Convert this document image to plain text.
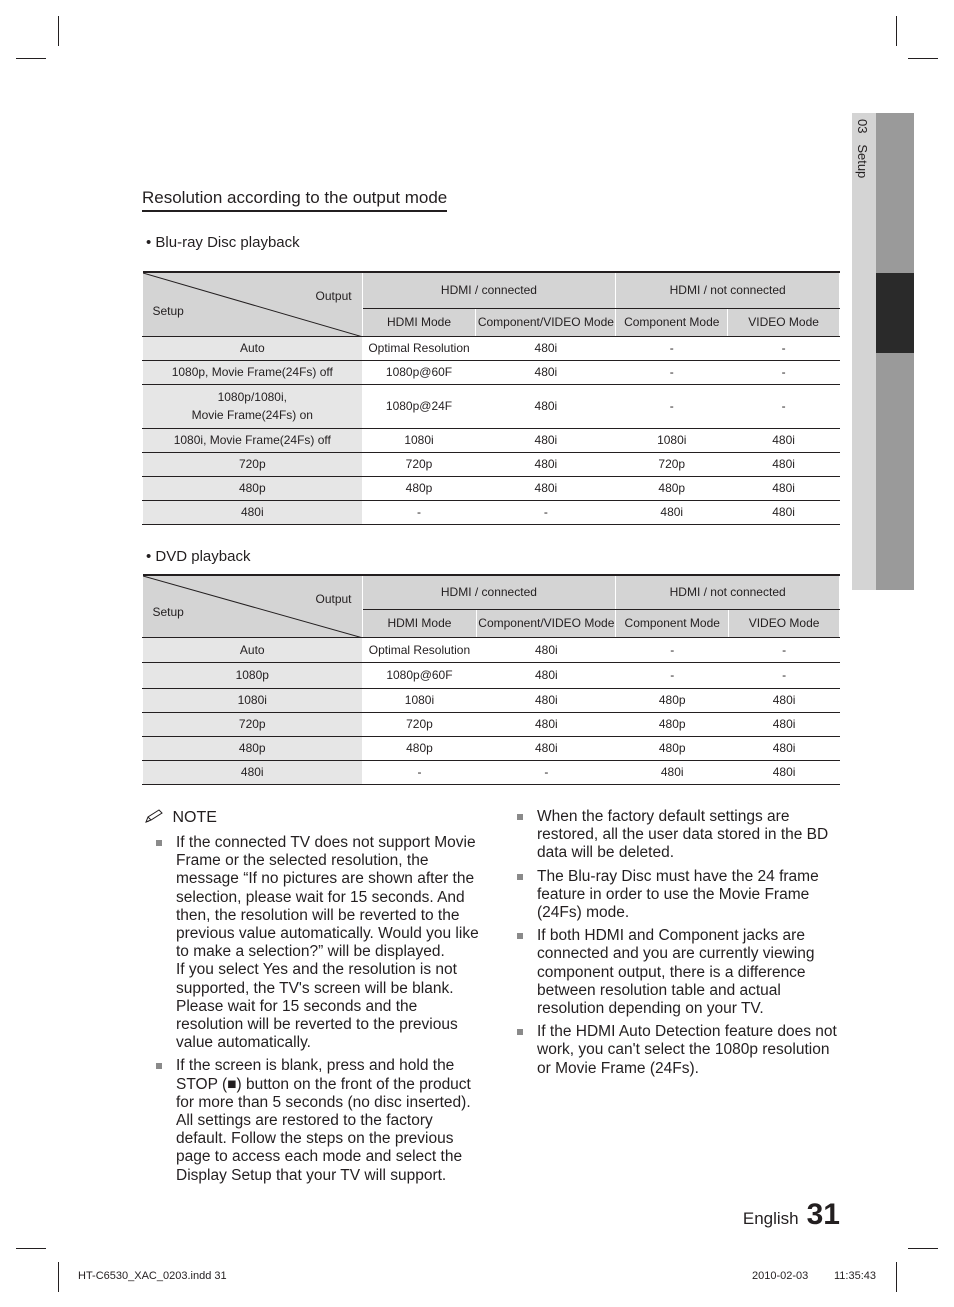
03   Setup
Resolution according to the output mode
• Blu-ray Disc playback
Output
Setup	HDMI / connected		HDMI / not connected	
	HDMI Mode	Component/VIDEO Mode	Component Mode	VIDEO Mode
Auto	Optimal Resolution	480i	-	-
1080p, Movie Frame(24Fs) off	1080p@60F	480i	-	-
1080p/1080i,
Movie Frame(24Fs) on	1080p@24F	480i	-	-
1080i, Movie Frame(24Fs) off	1080i	480i	1080i	480i
720p	720p	480i	720p	480i
480p	480p	480i	480p	480i
480i	-	-	480i	480i
• DVD playback
Output
Setup	HDMI / connected		HDMI / not connected	
	HDMI Mode	Component/VIDEO Mode	Component Mode	VIDEO Mode
Auto	Optimal Resolution	480i	-	-
1080p	1080p@60F	480i	-	-
1080i	1080i	480i	480p	480i
720p	720p	480i	480p	480i
480p	480p	480i	480p	480i
480i	-	-	480i	480i
NOTE
If the connected TV does not support Movie Frame or the selected resolution, the message “If no pictures are shown after the selection, please wait for 15 seconds. And then, the resolution will be reverted to the previous value automatically. Would you like to make a selection?” will be displayed.
If you select Yes and the resolution is not supported, the TV's screen will be blank. Please wait for 15 seconds and the resolution will be reverted to the previous value automatically.
If the screen is blank, press and hold the STOP (■) button on the front of the product for more than 5 seconds (no disc inserted). All settings are restored to the factory default. Follow the steps on the previous page to access each mode and select the Display Setup that your TV will support.
When the factory default settings are restored, all the user data stored in the BD data will be deleted.
The Blu-ray Disc must have the 24 frame feature in order to use the Movie Frame (24Fs) mode.
If both HDMI and Component jacks are connected and you are currently viewing component output, there is a difference between resolution table and actual resolution depending on your TV.
If the HDMI Auto Detection feature does not work, you can't select the 1080p resolution or Movie Frame (24Fs).
English 31
HT-C6530_XAC_0203.indd 31	2010-02-03 11:35:43
